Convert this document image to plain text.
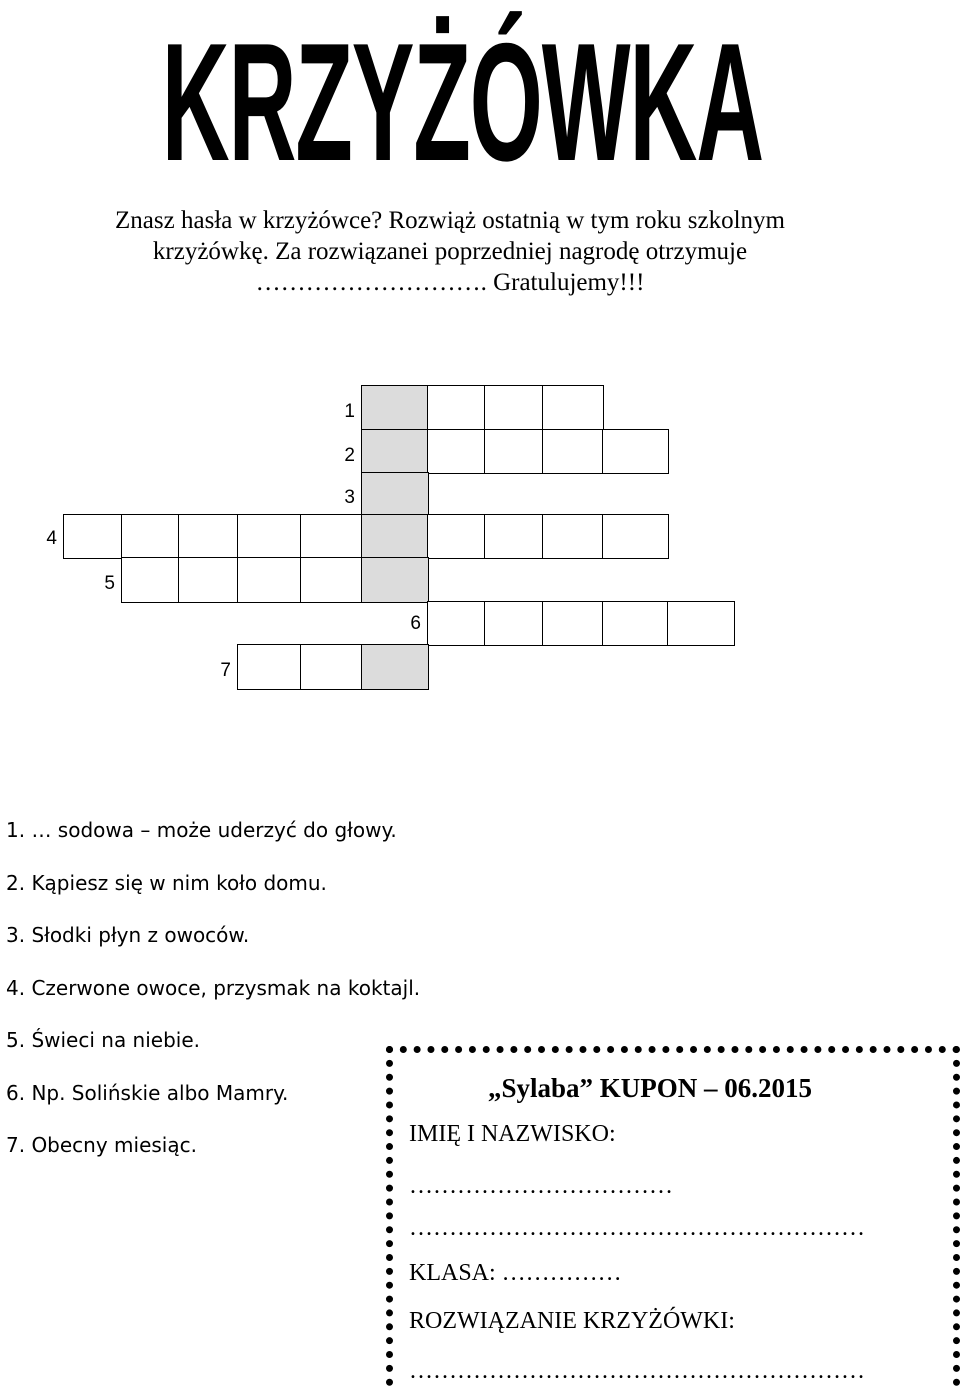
KRZYŻÓWKA
Znasz hasła w krzyżówce? Rozwiąż ostatnią w tym roku szkolnym
krzyżówkę. Za rozwiązanei poprzedniej nagrodę otrzymuje
………………………. Gratulujemy!!!
1
2
3
4
5
6
7
1. … sodowa – może uderzyć do głowy.
2. Kąpiesz się w nim koło domu.
3. Słodki płyn z owoców.
4. Czerwone owoce, przysmak na koktajl.
5. Świeci na niebie.
6. Np. Solińskie albo Mamry.
7. Obecny miesiąc.
„Sylaba” KUPON – 06.2015
IMIĘ I NAZWISKO:
……………………………
…………………………………………………
KLASA: ……………
ROZWIĄZANIE KRZYŻÓWKI:
…………………………………………………
